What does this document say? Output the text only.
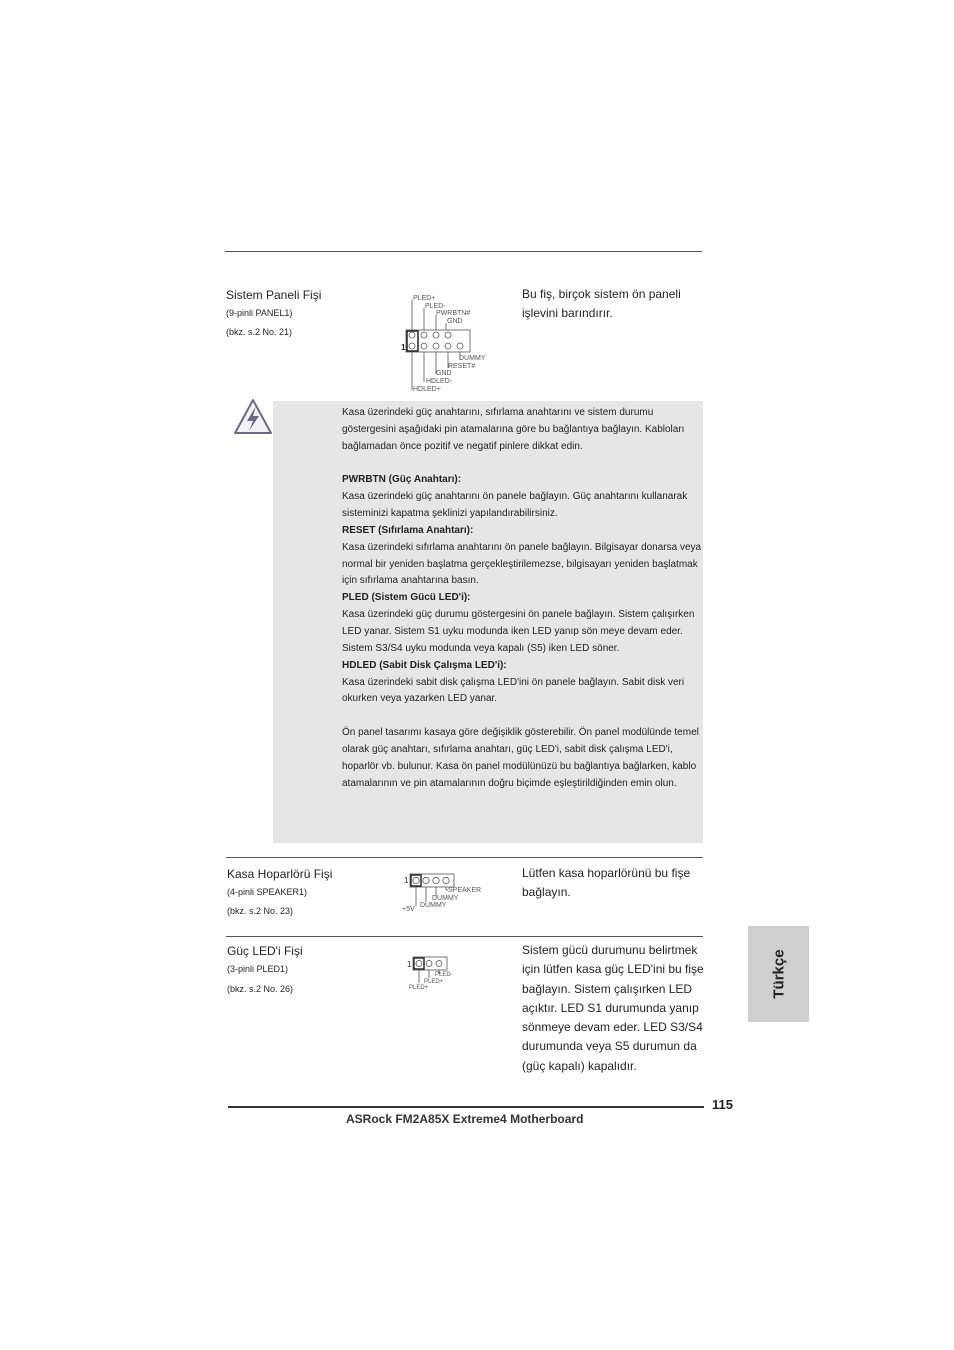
Sistem Paneli Fişi
(9-pinli PANEL1)
(bkz. s.2 No. 21)
Bu fiş, birçok sistem ön paneli işlevini barındırır.
PLED+
PLED-
PWRBTN#
GND
1
DUMMY
RESET#
GND
HDLED-
HDLED+

Kasa üzerindeki güç anahtarını, sıfırlama anahtarını ve sistem durumu göstergesini aşağıdaki pin atamalarına göre bu bağlantıya bağlayın. Kabloları bağlamadan önce pozitif ve negatif pinlere dikkat edin.

PWRBTN (Güç Anahtarı):

Kasa üzerindeki güç anahtarını ön panele bağlayın. Güç anahtarını kullanarak sisteminizi kapatma şeklinizi yapılandırabilirsiniz.

RESET (Sıfırlama Anahtarı):

Kasa üzerindeki sıfırlama anahtarını ön panele bağlayın. Bilgisayar donarsa veya normal bir yeniden başlatma gerçekleştirilemezse, bilgisayarı yeniden başlatmak için sıfırlama anahtarına basın.

PLED (Sistem Gücü LED'i):

Kasa üzerindeki güç durumu göstergesini ön panele bağlayın. Sistem çalışırken LED yanar. Sistem S1 uyku modunda iken LED yanıp sön meye devam eder. Sistem S3/S4 uyku modunda veya kapalı (S5) iken LED söner.

HDLED (Sabit Disk Çalışma LED'i):

Kasa üzerindeki sabit disk çalışma LED'ini ön panele bağlayın. Sabit disk veri okurken veya yazarken LED yanar.

Ön panel tasarımı kasaya göre değişiklik gösterebilir. Ön panel modülünde temel olarak güç anahtarı, sıfırlama anahtarı, güç LED'i, sabit disk çalışma LED'i, hoparlör vb. bulunur. Kasa ön panel modülünüzü bu bağlantıya bağlarken, kablo atamalarının ve pin atamalarının doğru biçimde eşleştirildiğinden emin olun.

Kasa Hoparlörü Fişi
(4-pinli SPEAKER1)
(bkz. s.2 No. 23)
Lütfen kasa hoparlörünü bu fişe bağlayın.
1
SPEAKER
DUMMY
+5V
DUMMY
Güç LED'i Fişi
(3-pinli PLED1)
(bkz. s.2 No. 26)
Sistem gücü durumunu belirtmek için lütfen kasa güç LED'ini bu fişe bağlayın. Sistem çalışırken LED açıktır. LED S1 durumunda yanıp sönmeye devam eder. LED S3/S4 durumunda veya S5 durumun da (güç kapalı) kapalıdır.
1
PLED-
PLED+
PLED+	Türkçe
115
ASRock FM2A85X Extreme4 Motherboard
